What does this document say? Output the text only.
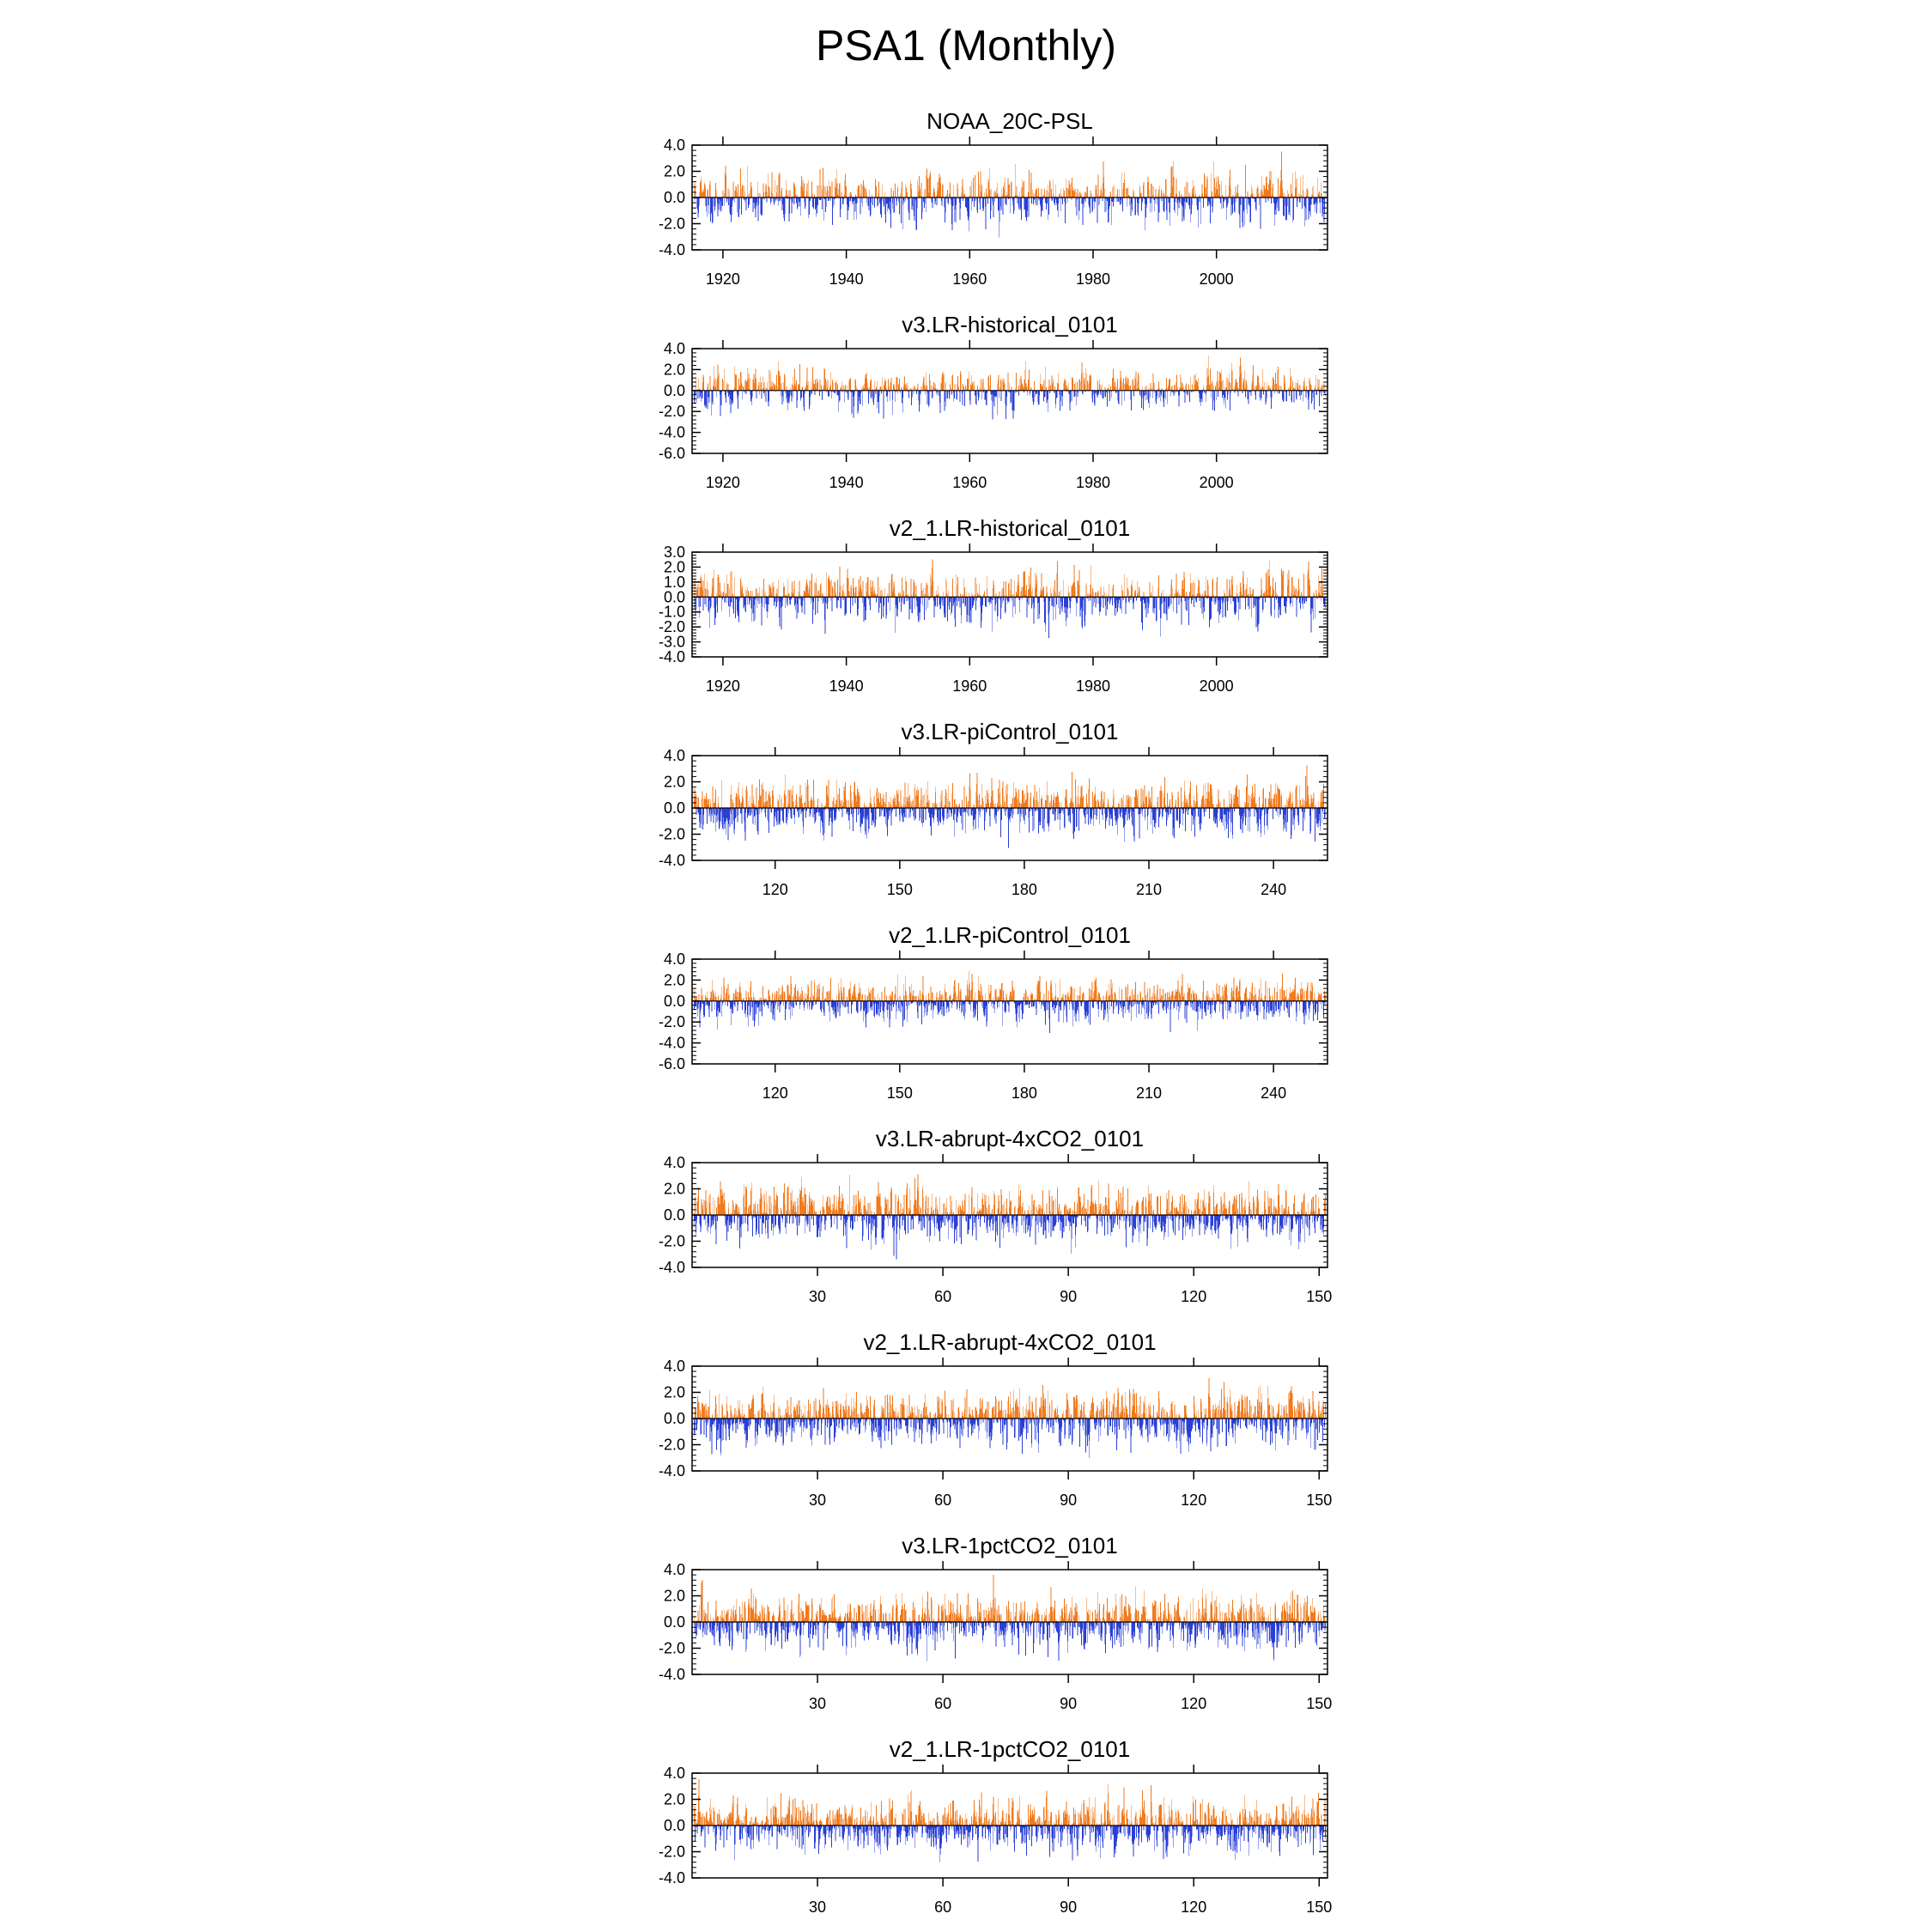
PSA1 (Monthly)
NOAA_20C-PSL
4.0
2.0
0.0
-2.0
-4.0
1920	1940	1960	1980	2000
v3.LR-historical_0101
4.0
2.0
0.0
-2.0
-4.0
-6.0
1920	1940	1960	1980	2000
v2_1.LR-historical_0101
3.0
2.0
1.0
0.0
-1.0
-2.0
-3.0
-4.0
1920	1940	1960	1980	2000
v3.LR-piControl_0101
4.0
2.0
0.0
-2.0
-4.0
120	150	180	210	240
v2_1.LR-piControl_0101
4.0
2.0
0.0
-2.0
-4.0
-6.0
120	150	180	210	240
v3.LR-abrupt-4xCO2_0101
4.0
2.0
0.0
-2.0
-4.0
30	60	90	120	150
v2_1.LR-abrupt-4xCO2_0101
4.0
2.0
0.0
-2.0
-4.0
30	60	90	120	150
v3.LR-1pctCO2_0101
4.0
2.0
0.0
-2.0
-4.0
30	60	90	120	150
v2_1.LR-1pctCO2_0101
4.0
2.0
0.0
-2.0
-4.0
30	60	90	120	150
